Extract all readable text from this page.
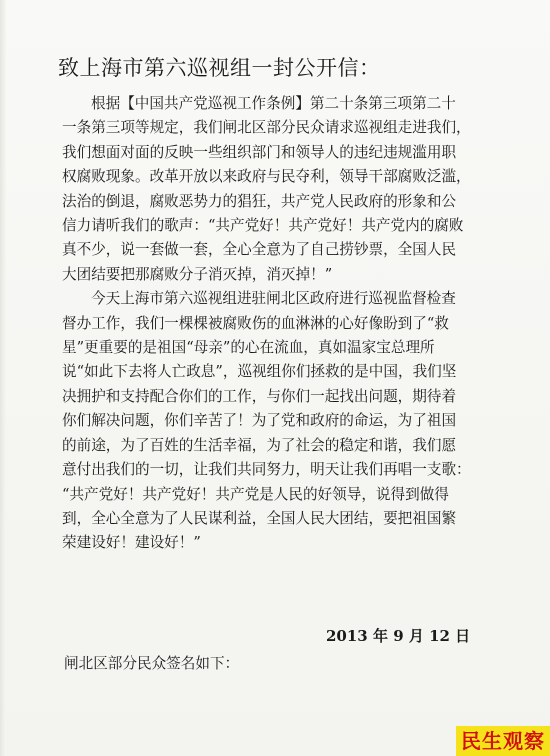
致上海市第六巡视组一封公开信：

根据【中国共产党巡视工作条例】第二十条第三项第二十
一条第三项等规定，我们闸北区部分民众请求巡视组走进我们，
我们想面对面的反映一些组织部门和领导人的违纪违规滥用职
权腐败现象。改革开放以来政府与民夺利，领导干部腐败泛滥，
法治的倒退，腐败恶势力的猖狂，共产党人民政府的形象和公
信力请听我们的歌声：“共产党好！共产党好！共产党内的腐败
真不少，说一套做一套，全心全意为了自己捞钞票，全国人民
大团结要把那腐败分子消灭掉，消灭掉！”

今天上海市第六巡视组进驻闸北区政府进行巡视监督检查
督办工作，我们一棵棵被腐败伤的血淋淋的心好像盼到了“救
星”更重要的是祖国“母亲”的心在流血，真如温家宝总理所
说“如此下去将人亡政息”，巡视组你们拯救的是中国，我们坚
决拥护和支持配合你们的工作，与你们一起找出问题，期待着
你们解决问题，你们辛苦了！为了党和政府的命运，为了祖国
的前途，为了百姓的生活幸福，为了社会的稳定和谐，我们愿
意付出我们的一切，让我们共同努力，明天让我们再唱一支歌：
“共产党好！共产党好！共产党是人民的好领导，说得到做得
到，全心全意为了人民谋利益，全国人民大团结，要把祖国繁
荣建设好！建设好！”

2013 年 9 月 12 日
闸北区部分民众签名如下：
民生观察
